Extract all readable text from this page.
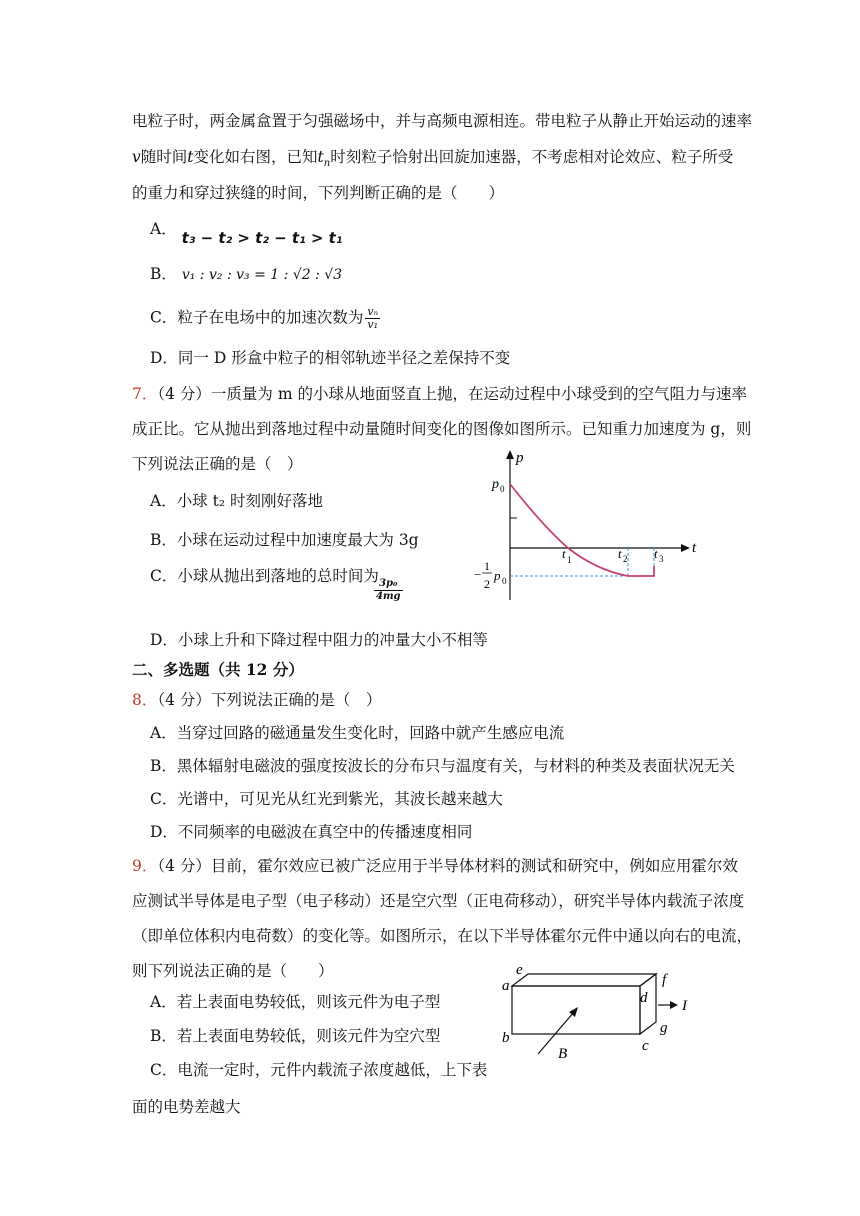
电粒子时，两金属盒置于匀强磁场中，并与高频电源相连。带电粒子从静止开始运动的速率
v随时间t变化如右图，已知$t_n$时刻粒子恰射出回旋加速器，不考虑相对论效应、粒子所受
的重力和穿过狭缝的时间，下列判断正确的是（　　）
A． t₃ − t₂ > t₂ − t₁ > t₁
B． v₁ : v₂ : v₃ = 1 : √2 : √3
C．粒子在电场中的加速次数为 $\frac{\text{vₙ}}{\text{v₁}}$
D．同一 D 形盒中粒子的相邻轨迹半径之差保持不变
7．（4 分）一质量为 m 的小球从地面竖直上抛，在运动过程中小球受到的空气阻力与速率
成正比。它从抛出到落地过程中动量随时间变化的图像如图所示。已知重力加速度为 g，则
下列说法正确的是（　）
A．小球 t₂ 时刻刚好落地
B．小球在运动过程中加速度最大为 3g
C．小球从抛出到落地的总时间为
$\frac{\text{3p₀}}{4mg}$
D．小球上升和下降过程中阻力的冲量大小不相等
p
t
p 0
t 1	t 2 t 3
−
1
2
p 0
二、多选题（共 12 分）
8．（4 分）下列说法正确的是（　）
A．当穿过回路的磁通量发生变化时，回路中就产生感应电流
B．黑体辐射电磁波的强度按波长的分布只与温度有关，与材料的种类及表面状况无关
C．光谱中，可见光从红光到紫光，其波长越来越大
D．不同频率的电磁波在真空中的传播速度相同
9．（4 分）目前，霍尔效应已被广泛应用于半导体材料的测试和研究中，例如应用霍尔效
应测试半导体是电子型（电子移动）还是空穴型（正电荷移动），研究半导体内载流子浓度
（即单位体积内电荷数）的变化等。如图所示，在以下半导体霍尔元件中通以向右的电流，
则下列说法正确的是（　　）
A．若上表面电势较低，则该元件为电子型
B．若上表面电势较低，则该元件为空穴型
C．电流一定时，元件内载流子浓度越低，上下表
面的电势差越大
a
b	c
d
e
f
g
I
B
